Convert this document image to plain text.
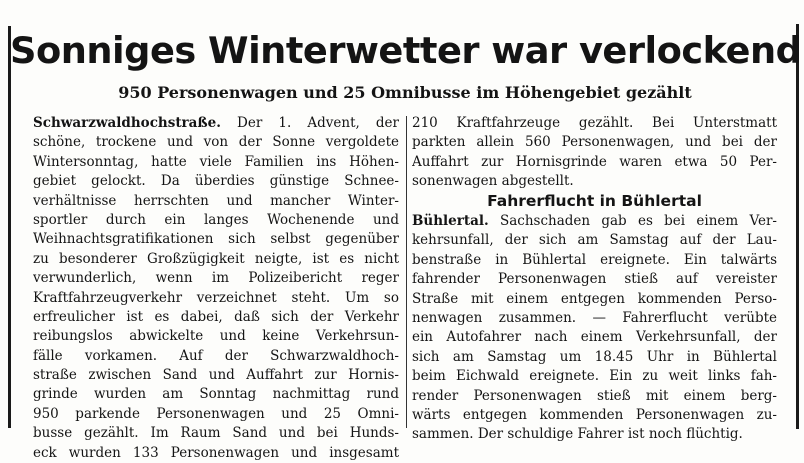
Sonniges Winterwetter war verlockend
950 Personenwagen und 25 Omnibusse im Höhengebiet gezählt
Schwarzwaldhochstraße. Der 1. Advent, der
schöne, trockene und von der Sonne vergoldete
Wintersonntag, hatte viele Familien ins Höhen-
gebiet gelockt. Da überdies günstige Schnee-
verhältnisse herrschten und mancher Winter-
sportler durch ein langes Wochenende und
Weihnachtsgratifikationen sich selbst gegenüber
zu besonderer Großzügigkeit neigte, ist es nicht
verwunderlich, wenn im Polizeibericht reger
Kraftfahrzeugverkehr verzeichnet steht. Um so
erfreulicher ist es dabei, daß sich der Verkehr
reibungslos abwickelte und keine Verkehrsun-
fälle vorkamen. Auf der Schwarzwaldhoch-
straße zwischen Sand und Auffahrt zur Hornis-
grinde wurden am Sonntag nachmittag rund
950 parkende Personenwagen und 25 Omni-
busse gezählt. Im Raum Sand und bei Hunds-
eck wurden 133 Personenwagen und insgesamt
210 Kraftfahrzeuge gezählt. Bei Unterstmatt
parkten allein 560 Personenwagen, und bei der
Auffahrt zur Hornisgrinde waren etwa 50 Per-
sonenwagen abgestellt.
Fahrerflucht in Bühlertal
Bühlertal. Sachschaden gab es bei einem Ver-
kehrsunfall, der sich am Samstag auf der Lau-
benstraße in Bühlertal ereignete. Ein talwärts
fahrender Personenwagen stieß auf vereister
Straße mit einem entgegen kommenden Perso-
nenwagen zusammen. — Fahrerflucht verübte
ein Autofahrer nach einem Verkehrsunfall, der
sich am Samstag um 18.45 Uhr in Bühlertal
beim Eichwald ereignete. Ein zu weit links fah-
render Personenwagen stieß mit einem berg-
wärts entgegen kommenden Personenwagen zu-
sammen. Der schuldige Fahrer ist noch flüchtig.
